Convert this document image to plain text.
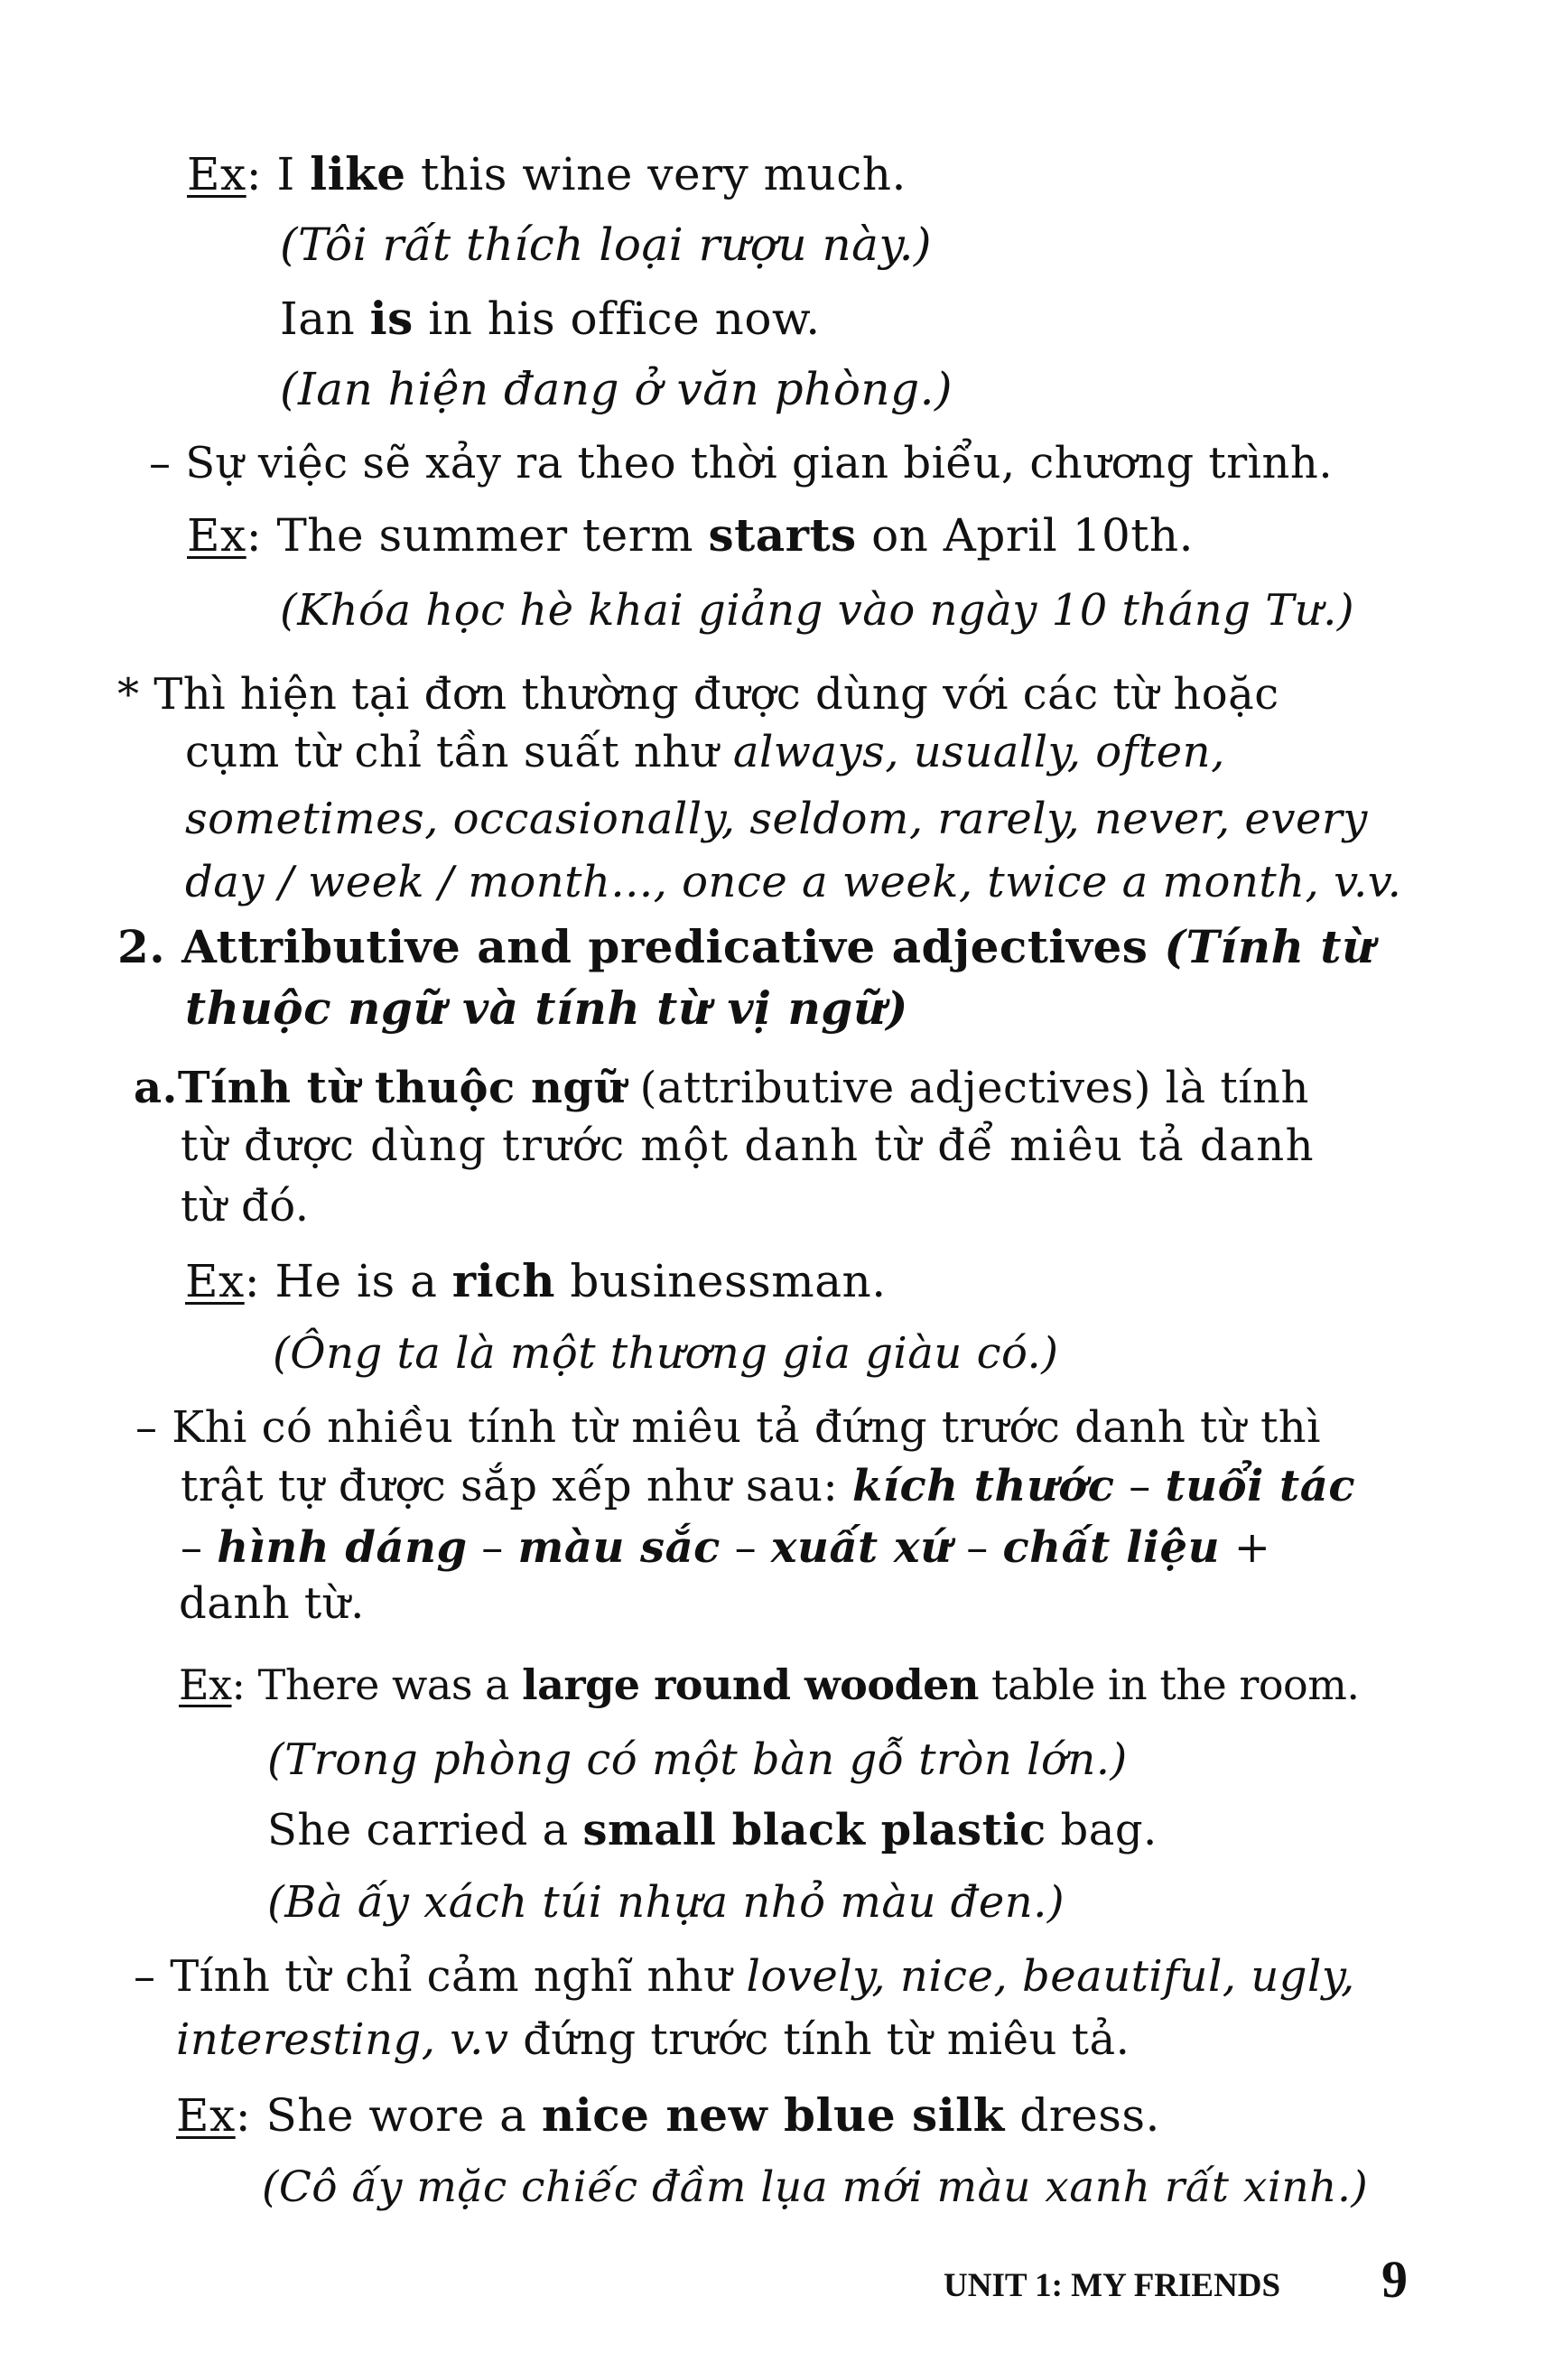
Ex: I like this wine very much.
(Tôi rất thích loại rượu này.)
Ian is in his office now.
(Ian hiện đang ở văn phòng.)
– Sự việc sẽ xảy ra theo thời gian biểu, chương trình.
Ex: The summer term starts on April 10th.
(Khóa học hè khai giảng vào ngày 10 tháng Tư.)
* Thì hiện tại đơn thường được dùng với các từ hoặc
cụm từ chỉ tần suất như always, usually, often,
sometimes, occasionally, seldom, rarely, never, every
day / week / month..., once a week, twice a month, v.v.
2. Attributive and predicative adjectives (Tính từ
thuộc ngữ và tính từ vị ngữ)
a.Tính từ thuộc ngữ (attributive adjectives) là tính
từ được dùng trước một danh từ để miêu tả danh
từ đó.
Ex: He is a rich businessman.
(Ông ta là một thương gia giàu có.)
– Khi có nhiều tính từ miêu tả đứng trước danh từ thì
trật tự được sắp xếp như sau: kích thước – tuổi tác
– hình dáng – màu sắc – xuất xứ – chất liệu +
danh từ.
Ex: There was a large round wooden table in the room.
(Trong phòng có một bàn gỗ tròn lớn.)
She carried a small black plastic bag.
(Bà ấy xách túi nhựa nhỏ màu đen.)
– Tính từ chỉ cảm nghĩ như lovely, nice, beautiful, ugly,
interesting, v.v đứng trước tính từ miêu tả.
Ex: She wore a nice new blue silk dress.
(Cô ấy mặc chiếc đầm lụa mới màu xanh rất xinh.)
UNIT 1: MY FRIENDS 9
